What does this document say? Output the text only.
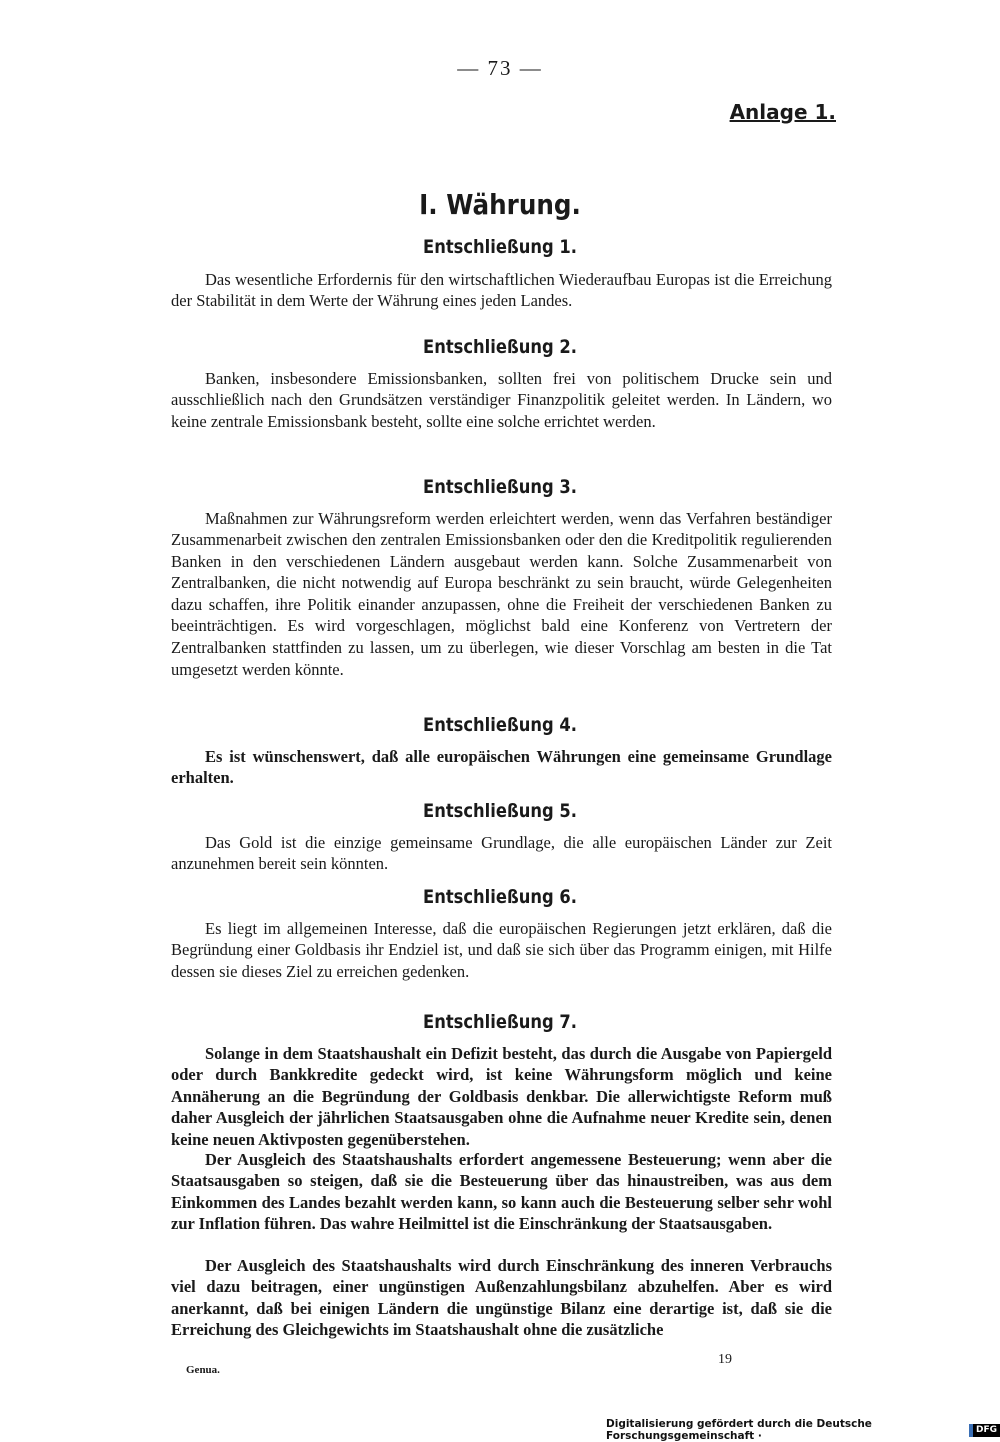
— 73 —
Anlage 1.
I. Währung.
Entschließung 1.

Das wesentliche Erfordernis für den wirtschaftlichen Wiederaufbau Europas ist die Erreichung der Stabilität in dem Werte der Währung eines jeden Landes.

Entschließung 2.

Banken, insbesondere Emissionsbanken, sollten frei von politischem Drucke sein und ausschließlich nach den Grundsätzen verständiger Finanzpolitik geleitet werden. In Ländern, wo keine zentrale Emissionsbank besteht, sollte eine solche errichtet werden.

Entschließung 3.

Maßnahmen zur Währungsreform werden erleichtert werden, wenn das Verfahren beständiger Zusammenarbeit zwischen den zentralen Emissionsbanken oder den die Kreditpolitik regulierenden Banken in den verschiedenen Ländern ausgebaut werden kann. Solche Zusammenarbeit von Zentralbanken, die nicht notwendig auf Europa beschränkt zu sein braucht, würde Gelegenheiten dazu schaffen, ihre Politik einander anzupassen, ohne die Freiheit der verschiedenen Banken zu beeinträchtigen. Es wird vorgeschlagen, möglichst bald eine Konferenz von Vertretern der Zentralbanken stattfinden zu lassen, um zu überlegen, wie dieser Vorschlag am besten in die Tat umgesetzt werden könnte.

Entschließung 4.

Es ist wünschenswert, daß alle europäischen Währungen eine gemeinsame Grundlage erhalten.

Entschließung 5.

Das Gold ist die einzige gemeinsame Grundlage, die alle europäischen Länder zur Zeit anzunehmen bereit sein könnten.

Entschließung 6.

Es liegt im allgemeinen Interesse, daß die europäischen Regierungen jetzt erklären, daß die Begründung einer Goldbasis ihr Endziel ist, und daß sie sich über das Programm einigen, mit Hilfe dessen sie dieses Ziel zu erreichen gedenken.

Entschließung 7.

Solange in dem Staatshaushalt ein Defizit besteht, das durch die Ausgabe von Papiergeld oder durch Bankkredite gedeckt wird, ist keine Währungsform möglich und keine Annäherung an die Begründung der Goldbasis denkbar. Die allerwichtigste Reform muß daher Ausgleich der jährlichen Staatsausgaben ohne die Aufnahme neuer Kredite sein, denen keine neuen Aktivposten gegenüberstehen.

Der Ausgleich des Staatshaushalts erfordert angemessene Besteuerung; wenn aber die Staatsausgaben so steigen, daß sie die Besteuerung über das hinaustreiben, was aus dem Einkommen des Landes bezahlt werden kann, so kann auch die Besteuerung selber sehr wohl zur Inflation führen. Das wahre Heilmittel ist die Einschränkung der Staatsausgaben.

Der Ausgleich des Staatshaushalts wird durch Einschränkung des inneren Verbrauchs viel dazu beitragen, einer ungünstigen Außenzahlungsbilanz abzuhelfen. Aber es wird anerkannt, daß bei einigen Ländern die ungünstige Bilanz eine derartige ist, daß sie die Erreichung des Gleichgewichts im Staatshaushalt ohne die zusätzliche

Genua.
19
Digitalisierung gefördert durch die Deutsche Forschungsgemeinschaft ·
DFG
